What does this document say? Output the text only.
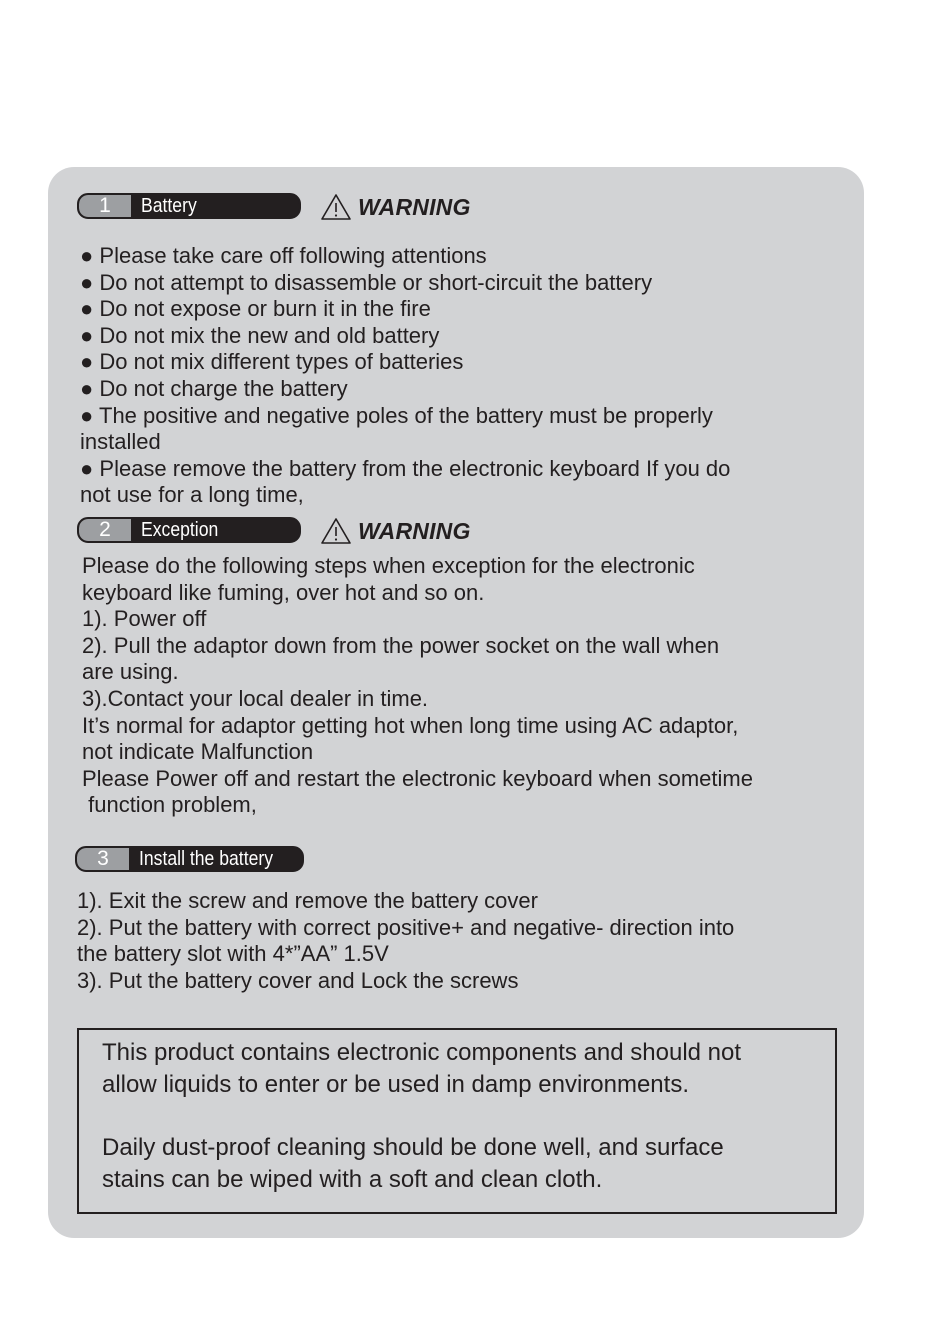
1	Battery	WARNING
● Please take care off following attentions
● Do not attempt to disassemble or short-circuit the battery
● Do not expose or burn it in the fire
● Do not mix the new and old battery
● Do not mix different types of batteries
● Do not charge the battery
● The positive and negative poles of the battery must be properly
installed
● Please remove the battery from the electronic keyboard If you do
not use for a long time,
2	Exception	WARNING
Please do the following steps when exception for the electronic
keyboard like fuming, over hot and so on.
1). Power off
2). Pull the adaptor down from the power socket on the wall when
are using.
3).Contact your local dealer in time.
It’s normal for adaptor getting hot when long time using AC adaptor,
not indicate Malfunction
Please Power off and restart the electronic keyboard when sometime
function problem,
3	Install the battery
1). Exit the screw and remove the battery cover
2). Put the battery with correct positive+ and negative- direction into
the battery slot with 4*”AA” 1.5V
3). Put the battery cover and Lock the screws
This product contains electronic components and should not
allow liquids to enter or be used in damp environments.
Daily dust-proof cleaning should be done well, and surface
stains can be wiped with a soft and clean cloth.
